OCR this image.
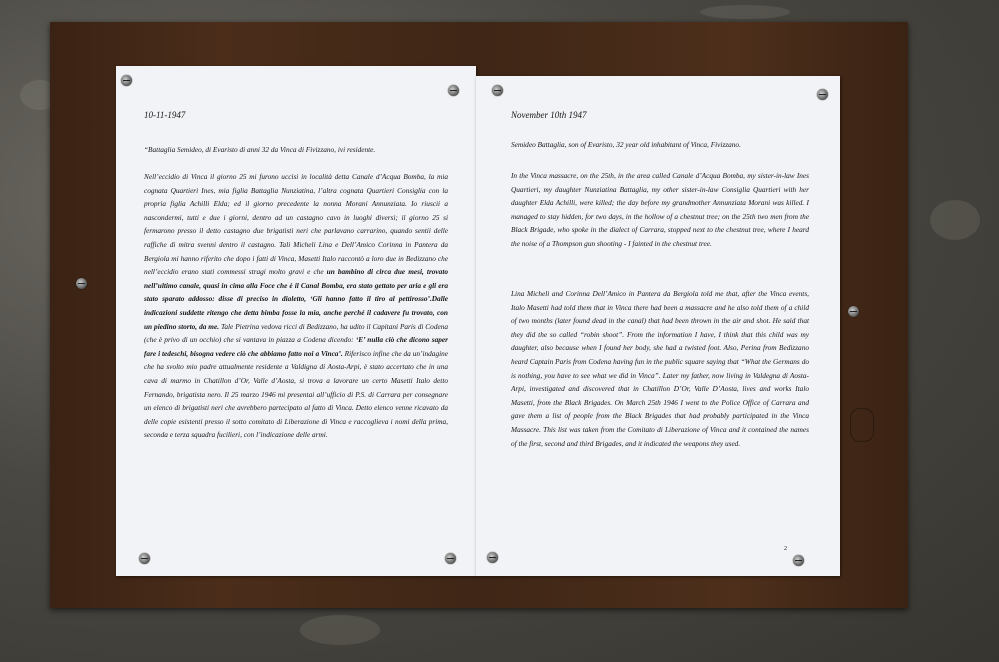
10-11-1947

“Battaglia Semideo, di Evaristo di anni 32 da Vinca di Fivizzano, ivi residente.

Nell’eccidio di Vinca il giorno 25 mi furono uccisi in località detta Canale d’Acqua Bomba, la mia cognata Quartieri Ines, mia figlia Battaglia Nunziatina, l’altra cognata Quartieri Consiglia con la propria figlia Achilli Elda; ed il giorno precedente la nonna Morani Annunziata. Io riuscii a nascondermi, tutti e due i giorni, dentro ad un castagno cavo in luoghi diversi; il giorno 25 si fermarono presso il detto castagno due brigatisti neri che parlavano carrarino, quando sentii delle raffiche di mitra svenni dentro il castagno. Tali Micheli Lina e Dell’Amico Corinna in Pantera da Bergiola mi hanno riferito che dopo i fatti di Vinca, Masetti Italo raccontò a loro due in Bedizzano che nell’eccidio erano stati commessi stragi molto gravi e che un bambino di circa due mesi, trovato nell’ultimo canale, quasi in cima alla Foce che è il Canal Bomba, era stato gettato per aria e gli era stato sparato addosso: disse di preciso in dialetto, ‘Gli hanno fatto il tiro al pettirosso’.Dalle indicazioni suddette ritengo che detta bimba fosse la mia, anche perché il cadavere fu trovato, con un piedino storto, da me. Tale Pietrina vedova ricci di Bedizzano, ha udito il Capitani Paris di Codena (che è privo di un occhio) che si vantava in piazza a Codena dicendo: ‘E’ nulla ciò che dicono saper fare i tedeschi, bisogna vedere ciò che abbiamo fatto noi a Vinca’. Riferisco infine che da un’indagine che ha svolto mio padre attualmente residente a Valdigna di Aosta-Arpi, è stato accertato che in una cava di marmo in Chatillon d’Or, Valle d’Aosta, si trova a lavorare un certo Masetti Italo detto Fernando, brigatista nero. Il 25 marzo 1946 mi presentai all’ufficio di P.S. di Carrara per consegnare un elenco di brigatisti neri che avrebbero partecipato al fatto di Vinca. Detto elenco venne ricavato da delle copie esistenti presso il sotto comitato di Liberazione di Vinca e raccoglieva i nomi della prima, seconda e terza squadra fucilieri, con l’indicazione delle armi.

November 10th 1947

Semideo Battaglia, son of Evaristo, 32 year old inhabitant of Vinca, Fivizzano.

In the Vinca massacre, on the 25th, in the area called Canale d’Acqua Bomba, my sister-in-law Ines Quartieri, my daughter Nunziatina Battaglia, my other sister-in-law Consiglia Quartieri with her daughter Elda Achilli, were killed; the day before my grandmother Annunziata Morani was killed. I managed to stay hidden, for two days, in the hollow of a chestnut tree; on the 25th two men from the Black Brigade, who spoke in the dialect of Carrara, stopped next to the chestnut tree, where I heard the noise of a Thompson gun shooting - I fainted in the chestnut tree.

Lina Micheli and Corinna Dell’Amico in Pantera da Bergiola told me that, after the Vinca events, Italo Masetti had told them that in Vinca there had been a massacre and he also told them of a child of two months (later found dead in the canal) that had been thrown in the air and shot. He said that they did the so called “robin shoot”. From the information I have, I think that this child was my daughter, also because when I found her body, she had a twisted foot. Also, Perina from Bedizzano heard Captain Paris from Codena having fun in the public square saying that “What the Germans do is nothing, you have to see what we did in Vinca”. Later my father, now living in Valdegna di Aosta-Arpi, investigated and discovered that in Chatillon D’Or, Valle D’Aosta, lives and works Italo Masetti, from the Black Brigades. On March 25th 1946 I went to the Police Office of Carrara and gave them a list of people from the Black Brigades that had probably participated in the Vinca Massacre. This list was taken from the Comitato di Liberazione of Vinca and it contained the names of the first, second and third Brigades, and it indicated the weapons they used.

2
